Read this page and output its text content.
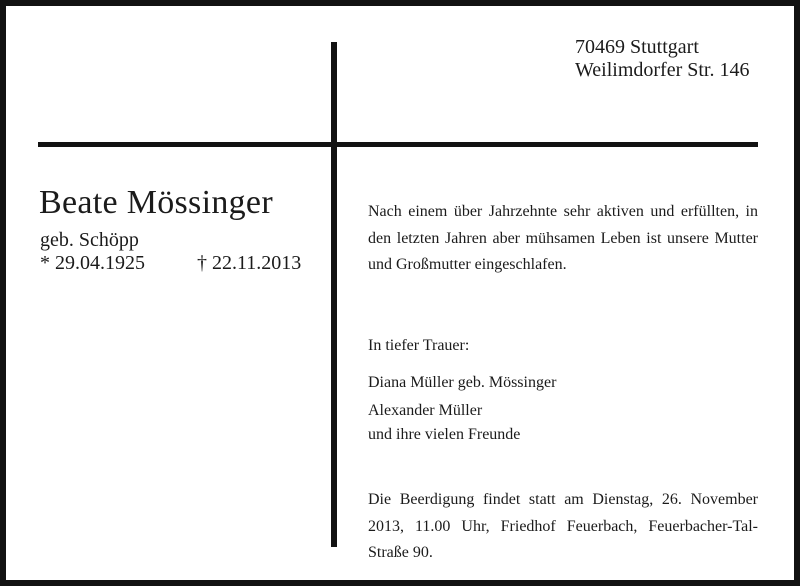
70469 Stuttgart
Weilimdorfer Str. 146
Beate Mössinger
geb. Schöpp
* 29.04.1925	† 22.11.2013

Nach einem über Jahrzehnte sehr aktiven und erfüllten, in den letzten Jahren aber mühsamen Leben ist unsere Mutter und Großmutter eingeschlafen.

In tiefer Trauer:

Diana Müller geb. Mössinger
Alexander Müller

und ihre vielen Freunde

Die Beerdigung findet statt am Dienstag, 26. November 2013, 11.00 Uhr, Friedhof Feuerbach, Feuerbacher-Tal-Straße 90.
